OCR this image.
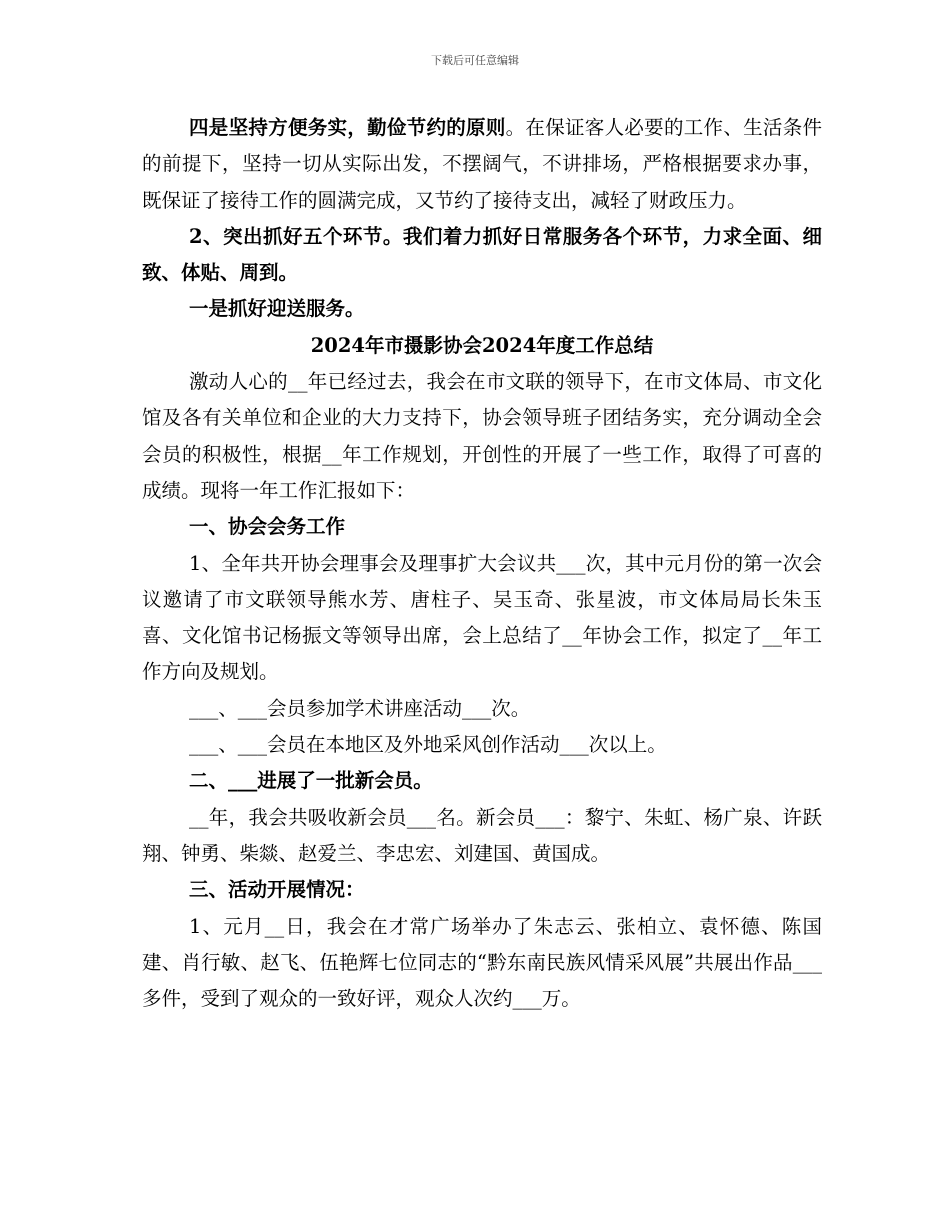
下载后可任意编辑

四是坚持方便务实，勤俭节约的原则。在保证客人必要的工作、生活条件的前提下，坚持一切从实际出发，不摆阔气，不讲排场，严格根据要求办事，既保证了接待工作的圆满完成，又节约了接待支出，减轻了财政压力。

2、突出抓好五个环节。我们着力抓好日常服务各个环节，力求全面、细致、体贴、周到。

一是抓好迎送服务。

2024年市摄影协会2024年度工作总结

激动人心的__年已经过去，我会在市文联的领导下，在市文体局、市文化馆及各有关单位和企业的大力支持下，协会领导班子团结务实，充分调动全会会员的积极性，根据__年工作规划，开创性的开展了一些工作，取得了可喜的成绩。现将一年工作汇报如下：

一、协会会务工作

1、全年共开协会理事会及理事扩大会议共___次，其中元月份的第一次会议邀请了市文联领导熊水芳、唐柱子、吴玉奇、张星波，市文体局局长朱玉喜、文化馆书记杨振文等领导出席，会上总结了__年协会工作，拟定了__年工作方向及规划。

___、___会员参加学术讲座活动___次。

___、___会员在本地区及外地采风创作活动___次以上。

二、___进展了一批新会员。

__年，我会共吸收新会员___名。新会员___：黎宁、朱虹、杨广泉、许跃翔、钟勇、柴燚、赵爱兰、李忠宏、刘建国、黄国成。

三、活动开展情况：

1、元月__日，我会在才常广场举办了朱志云、张柏立、袁怀德、陈国建、肖行敏、赵飞、伍艳辉七位同志的“黔东南民族风情采风展”共展出作品___多件，受到了观众的一致好评，观众人次约___万。
